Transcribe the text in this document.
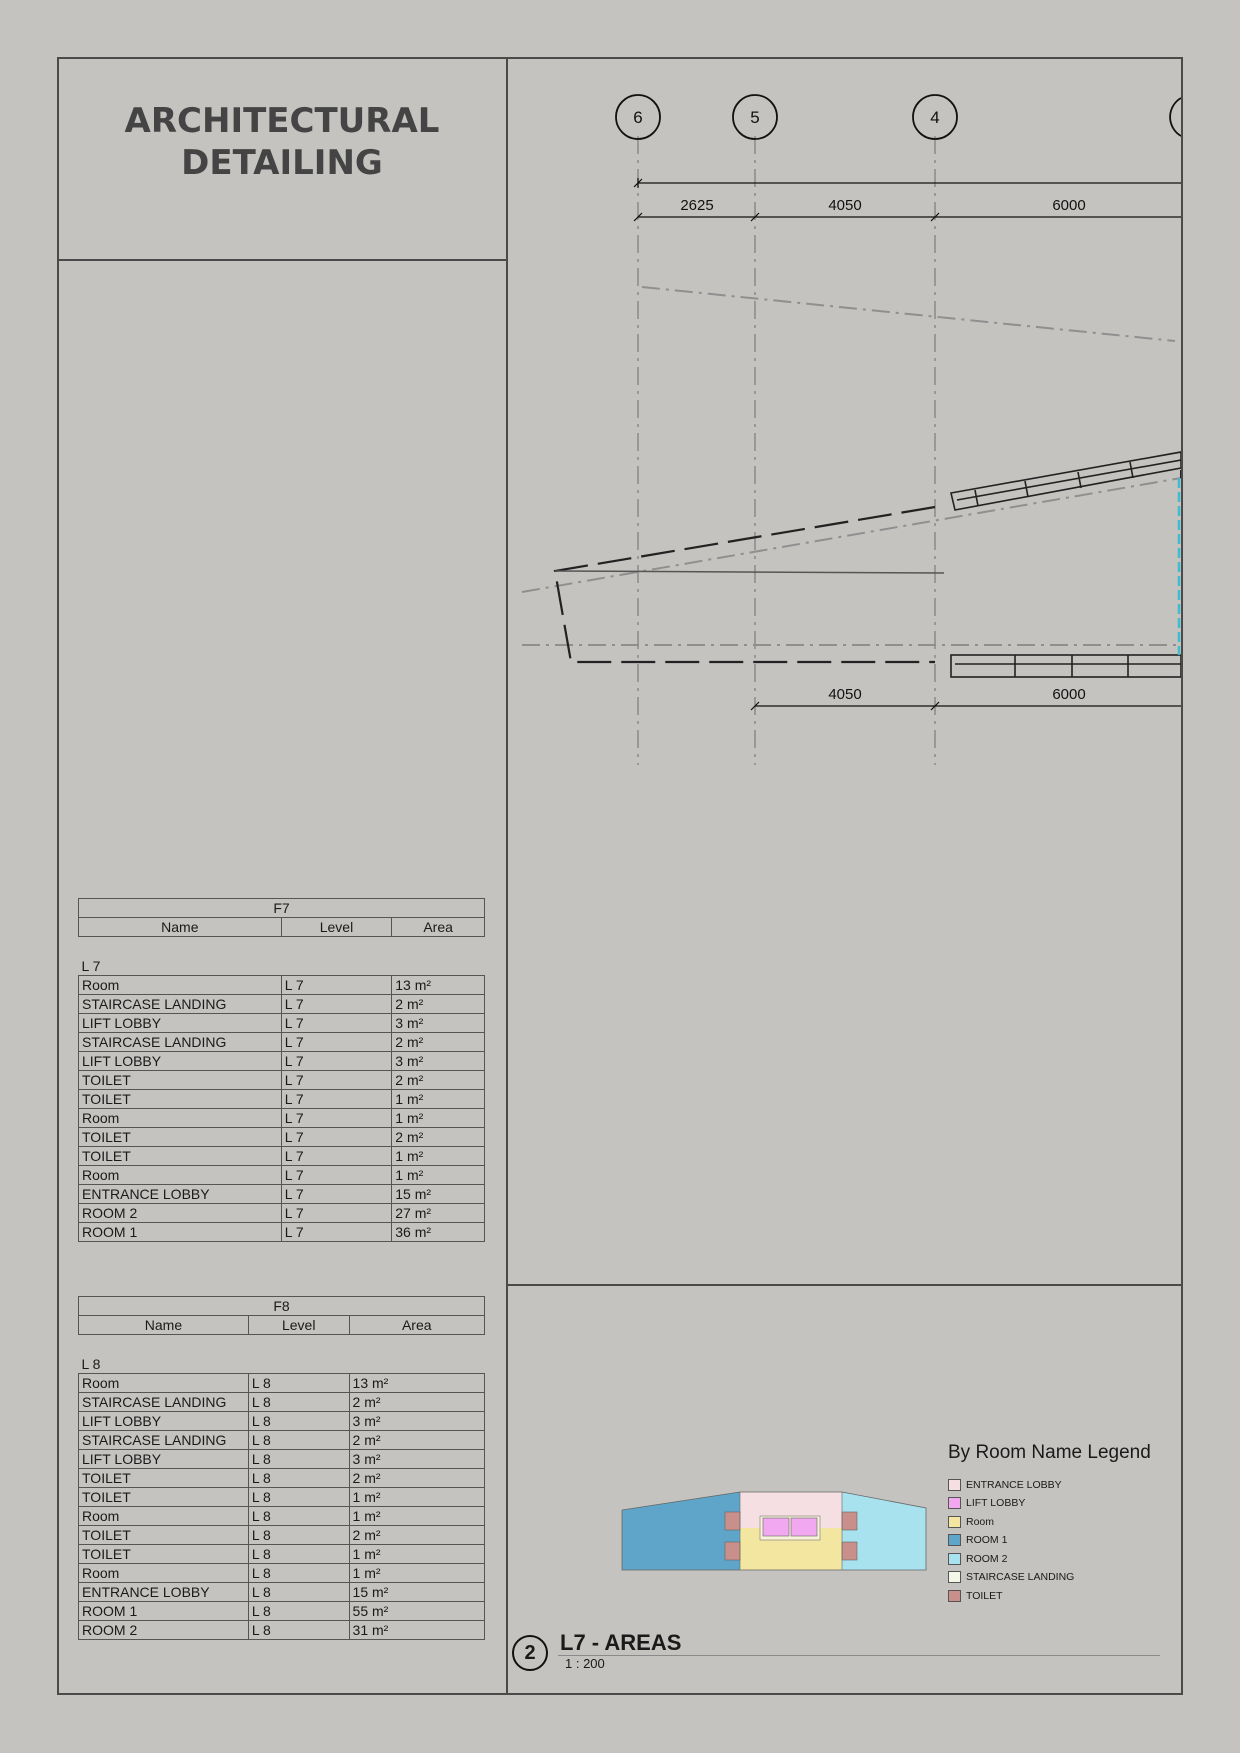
ARCHITECTURAL
DETAILING
6	5	4
2625	4050	6000
4050	6000
F7		
Name	Level	Area

L 7		
Room	L 7	13 m²
STAIRCASE LANDING	L 7	2 m²
LIFT LOBBY	L 7	3 m²
STAIRCASE LANDING	L 7	2 m²
LIFT LOBBY	L 7	3 m²
TOILET	L 7	2 m²
TOILET	L 7	1 m²
Room	L 7	1 m²
TOILET	L 7	2 m²
TOILET	L 7	1 m²
Room	L 7	1 m²
ENTRANCE LOBBY	L 7	15 m²
ROOM 2	L 7	27 m²
ROOM 1	L 7	36 m²
F8		
Name	Level	Area

L 8		
Room	L 8	13 m²
STAIRCASE LANDING	L 8	2 m²
LIFT LOBBY	L 8	3 m²
STAIRCASE LANDING	L 8	2 m²
LIFT LOBBY	L 8	3 m²
TOILET	L 8	2 m²
TOILET	L 8	1 m²
Room	L 8	1 m²
TOILET	L 8	2 m²
TOILET	L 8	1 m²
Room	L 8	1 m²
ENTRANCE LOBBY	L 8	15 m²
ROOM 1	L 8	55 m²
ROOM 2	L 8	31 m²
By Room Name Legend
ENTRANCE LOBBY
LIFT LOBBY
Room
ROOM 1
ROOM 2
STAIRCASE LANDING
TOILET
2	L7 - AREAS
1 : 200
